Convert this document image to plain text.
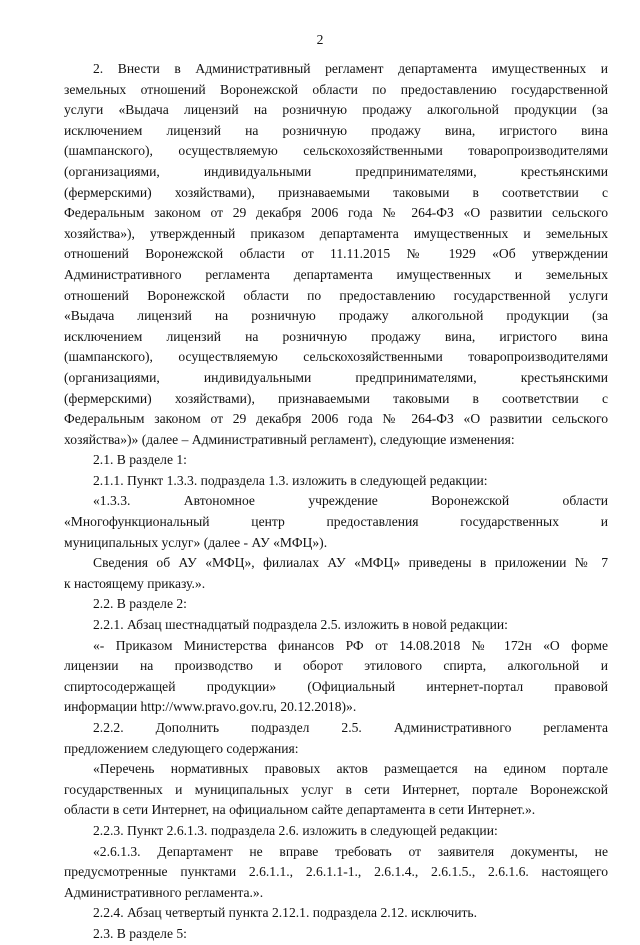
2
2. Внести в Административный регламент департамента имущественных и
земельных отношений Воронежской области по предоставлению государственной
услуги «Выдача лицензий на розничную продажу алкогольной продукции (за
исключением лицензий на розничную продажу вина, игристого вина
(шампанского), осуществляемую сельскохозяйственными товаропроизводителями
(организациями, индивидуальными предпринимателями, крестьянскими
(фермерскими) хозяйствами), признаваемыми таковыми в соответствии с
Федеральным законом от 29 декабря 2006 года № 264-ФЗ «О развитии сельского
хозяйства»), утвержденный приказом департамента имущественных и земельных
отношений Воронежской области от 11.11.2015 № 1929 «Об утверждении
Административного регламента департамента имущественных и земельных
отношений Воронежской области по предоставлению государственной услуги
«Выдача лицензий на розничную продажу алкогольной продукции (за
исключением лицензий на розничную продажу вина, игристого вина
(шампанского), осуществляемую сельскохозяйственными товаропроизводителями
(организациями, индивидуальными предпринимателями, крестьянскими
(фермерскими) хозяйствами), признаваемыми таковыми в соответствии с
Федеральным законом от 29 декабря 2006 года № 264-ФЗ «О развитии сельского
хозяйства»)» (далее – Административный регламент), следующие изменения:
2.1. В разделе 1:
2.1.1. Пункт 1.3.3. подраздела 1.3. изложить в следующей редакции:
«1.3.3. Автономное учреждение Воронежской области
«Многофункциональный центр предоставления государственных и
муниципальных услуг» (далее - АУ «МФЦ»).
Сведения об АУ «МФЦ», филиалах АУ «МФЦ» приведены в приложении № 7
к настоящему приказу.».
2.2. В разделе 2:
2.2.1. Абзац шестнадцатый подраздела 2.5. изложить в новой редакции:
«- Приказом Министерства финансов РФ от 14.08.2018 № 172н «О форме
лицензии на производство и оборот этилового спирта, алкогольной и
спиртосодержащей продукции» (Официальный интернет-портал правовой
информации http://www.pravo.gov.ru, 20.12.2018)».
2.2.2. Дополнить подраздел 2.5. Административного регламента
предложением следующего содержания:
«Перечень нормативных правовых актов размещается на едином портале
государственных и муниципальных услуг в сети Интернет, портале Воронежской
области в сети Интернет, на официальном сайте департамента в сети Интернет.».
2.2.3. Пункт 2.6.1.3. подраздела 2.6. изложить в следующей редакции:
«2.6.1.3. Департамент не вправе требовать от заявителя документы, не
предусмотренные пунктами 2.6.1.1., 2.6.1.1-1., 2.6.1.4., 2.6.1.5., 2.6.1.6. настоящего
Административного регламента.».
2.2.4. Абзац четвертый пункта 2.12.1. подраздела 2.12. исключить.
2.3. В разделе 5:
